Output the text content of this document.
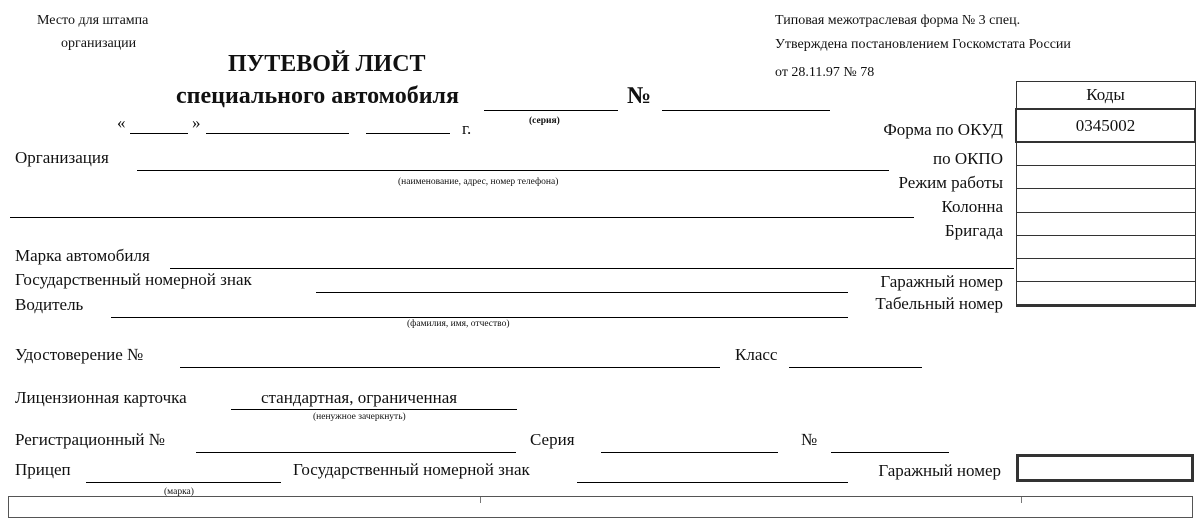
Место для штампа
организации
Типовая межотраслевая форма № 3 спец.
Утверждена постановлением Госкомстата России
от 28.11.97 № 78
ПУТЕВОЙ ЛИСТ
специального автомобиля
(серия)
№
«	»	г.
Коды
0345002

Форма по ОКУД
по ОКПО
Режим работы
Колонна
Бригада
Гаражный номер
Табельный номер
Организация
(наименование, адрес, номер телефона)
Марка автомобиля
Государственный номерной знак
Водитель
(фамилия, имя, отчество)
Удостоверение №	Класс
Лицензионная карточка	стандартная, ограниченная
(ненужное зачеркнуть)
Регистрационный №	Серия	№
Прицеп
(марка)
Государственный номерной знак	Гаражный номер
